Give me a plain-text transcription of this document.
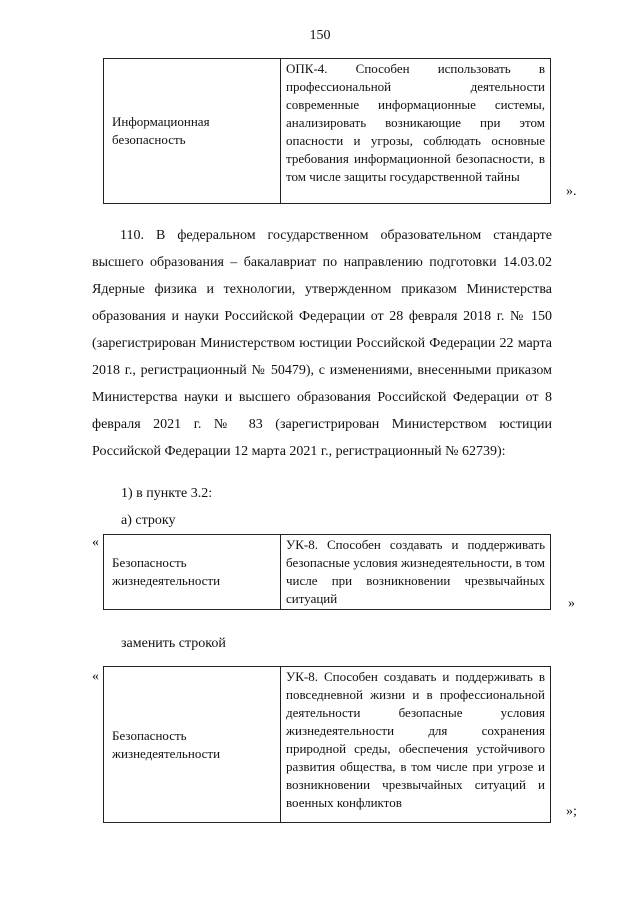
150
Информационная безопасность	ОПК-4. Способен использовать в профессиональной деятельности современные информационные системы, анализировать возникающие при этом опасности и угрозы, соблюдать основные требования информационной безопасности, в том числе защиты государственной тайны
».
110. В федеральном государственном образовательном стандарте высшего образования – бакалавриат по направлению подготовки 14.03.02 Ядерные физика и технологии, утвержденном приказом Министерства образования и науки Российской Федерации от 28 февраля 2018 г. № 150 (зарегистрирован Министерством юстиции Российской Федерации 22 марта 2018 г., регистрационный № 50479), с изменениями, внесенными приказом Министерства науки и высшего образования Российской Федерации от 8 февраля 2021 г. № 83 (зарегистрирован Министерством юстиции Российской Федерации 12 марта 2021 г., регистрационный № 62739):
1) в пункте 3.2:
а) строку
«
Безопасность жизнедеятельности	УК-8. Способен создавать и поддерживать безопасные условия жизнедеятельности, в том числе при возникновении чрезвычайных ситуаций	»
заменить строкой
«
Безопасность жизнедеятельности	УК-8. Способен создавать и поддерживать в повседневной жизни и в профессиональной деятельности безопасные условия жизнедеятельности для сохранения природной среды, обеспечения устойчивого развития общества, в том числе при угрозе и возникновении чрезвычайных ситуаций и военных конфликтов
»;
